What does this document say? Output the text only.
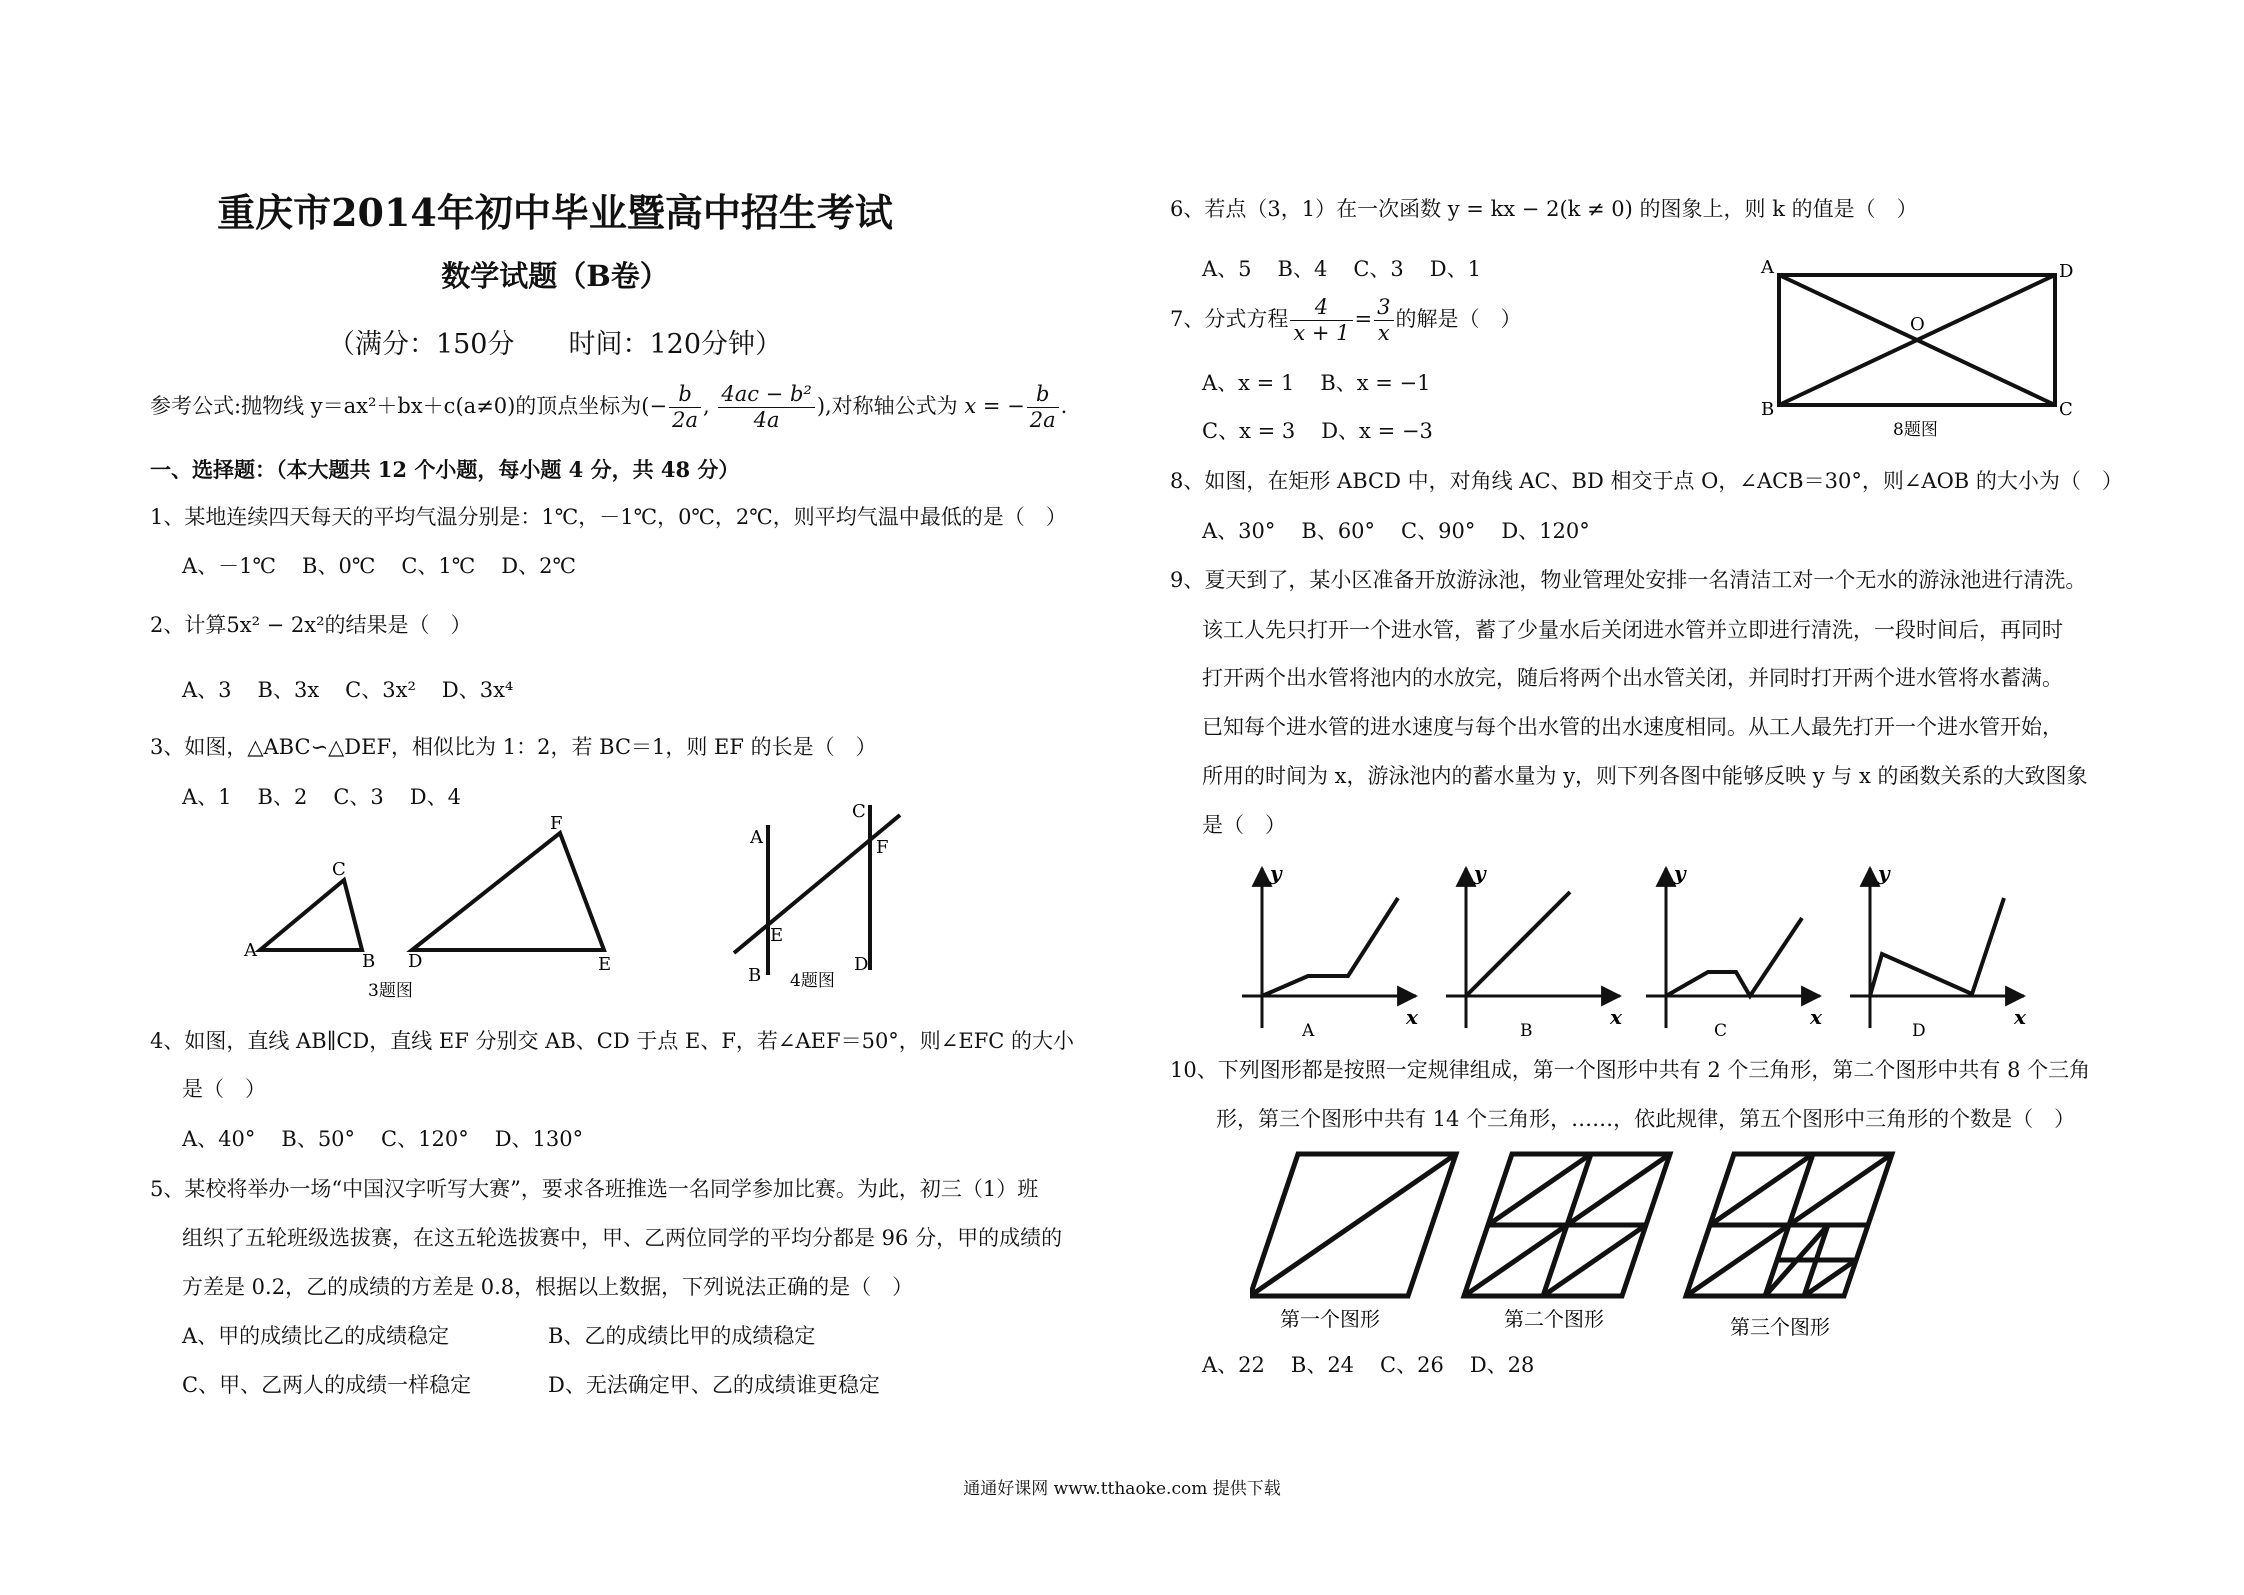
重庆市2014年初中毕业暨高中招生考试
数学试题（B卷）
（满分：150分　　时间：120分钟）
参考公式:抛物线 y＝ax²＋bx＋c(a≠0)的顶点坐标为(− $\frac{b}{2a}$ , $\frac{\text{4ac − b²}}{4a}$ ),对称轴公式为 x = − $\frac{b}{2a}$ .
一、选择题：（本大题共 12 个小题，每小题 4 分，共 48 分）
1、某地连续四天每天的平均气温分别是：1℃，－1℃，0℃，2℃，则平均气温中最低的是（　）
A、－1℃ B、0℃ C、1℃ D、2℃
2、计算5x² − 2x²的结果是（　）
A、3 B、3x C、3x² D、3x⁴
3、如图，△ABC∽△DEF，相似比为 1：2，若 BC＝1，则 EF 的长是（　）
A、1 B、2 C、3 D、4
A
B
C
D	E
F
3题图
A
B
C
D
E
F
4题图
4、如图，直线 AB∥CD，直线 EF 分别交 AB、CD 于点 E、F，若∠AEF＝50°，则∠EFC 的大小
是（　）
A、40° B、50° C、120° D、130°
5、某校将举办一场“中国汉字听写大赛”，要求各班推选一名同学参加比赛。为此，初三（1）班
组织了五轮班级选拔赛，在这五轮选拔赛中，甲、乙两位同学的平均分都是 96 分，甲的成绩的
方差是 0.2，乙的成绩的方差是 0.8，根据以上数据，下列说法正确的是（　）
A、甲的成绩比乙的成绩稳定	B、乙的成绩比甲的成绩稳定
C、甲、乙两人的成绩一样稳定	D、无法确定甲、乙的成绩谁更稳定
6、若点（3，1）在一次函数 y = kx − 2(k ≠ 0) 的图象上，则 k 的值是（　）
A、5 B、4 C、3 D、1
7、分式方程 $\frac{4}{x + 1} = \frac{3}{x}$ 的解是（　）
A、x = 1 B、x = −1
C、x = 3 D、x = −3
A
B	C
D
O
8题图
8、如图，在矩形 ABCD 中，对角线 AC、BD 相交于点 O，∠ACB＝30°，则∠AOB 的大小为（　）
A、30° B、60° C、90° D、120°
9、夏天到了，某小区准备开放游泳池，物业管理处安排一名清洁工对一个无水的游泳池进行清洗。
该工人先只打开一个进水管，蓄了少量水后关闭进水管并立即进行清洗，一段时间后，再同时
打开两个出水管将池内的水放完，随后将两个出水管关闭，并同时打开两个进水管将水蓄满。
已知每个进水管的进水速度与每个出水管的出水速度相同。从工人最先打开一个进水管开始，
所用的时间为 x，游泳池内的蓄水量为 y，则下列各图中能够反映 y 与 x 的函数关系的大致图象
是（　）
y
x
A
y
x
B
y
x
C
y
x
D
10、下列图形都是按照一定规律组成，第一个图形中共有 2 个三角形，第二个图形中共有 8 个三角
形，第三个图形中共有 14 个三角形，……，依此规律，第五个图形中三角形的个数是（　）
第一个图形	第二个图形	第三个图形
A、22 B、24 C、26 D、28
通通好课网 www.tthaoke.com 提供下载
